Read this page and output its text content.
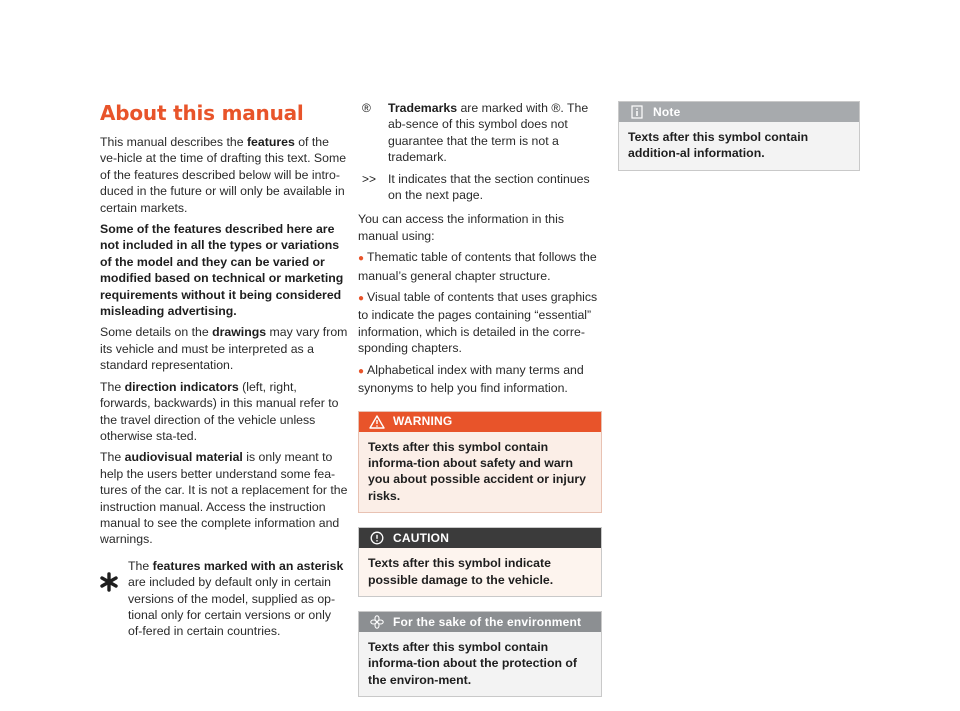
About this manual

This manual describes the features of the ve-hicle at the time of drafting this text. Some of the features described below will be intro-duced in the future or will only be available in certain markets.

Some of the features described here are not included in all the types or variations of the model and they can be varied or modified based on technical or marketing requirements without it being considered misleading advertising.

Some details on the drawings may vary from its vehicle and must be interpreted as a standard representation.

The direction indicators (left, right, forwards, backwards) in this manual refer to the travel direction of the vehicle unless otherwise sta-ted.

The audiovisual material is only meant to help the users better understand some fea-tures of the car. It is not a replacement for the instruction manual. Access the instruction manual to see the complete information and warnings.

The features marked with an asterisk are included by default only in certain versions of the model, supplied as op-tional only for certain versions or only of-fered in certain countries.
®	Trademarks are marked with ®. The ab-sence of this symbol does not guarantee that the term is not a trademark.
>> It indicates that the section continues on the next page.

You can access the information in this manual using:

● Thematic table of contents that follows the manual’s general chapter structure.

● Visual table of contents that uses graphics to indicate the pages containing “essential” information, which is detailed in the corre-sponding chapters.

● Alphabetical index with many terms and synonyms to help you find information.

WARNING
Texts after this symbol contain informa-tion about safety and warn you about possible accident or injury risks.
CAUTION
Texts after this symbol indicate possible damage to the vehicle.
For the sake of the environment
Texts after this symbol contain informa-tion about the protection of the environ-ment.
Note
Texts after this symbol contain addition-al information.
